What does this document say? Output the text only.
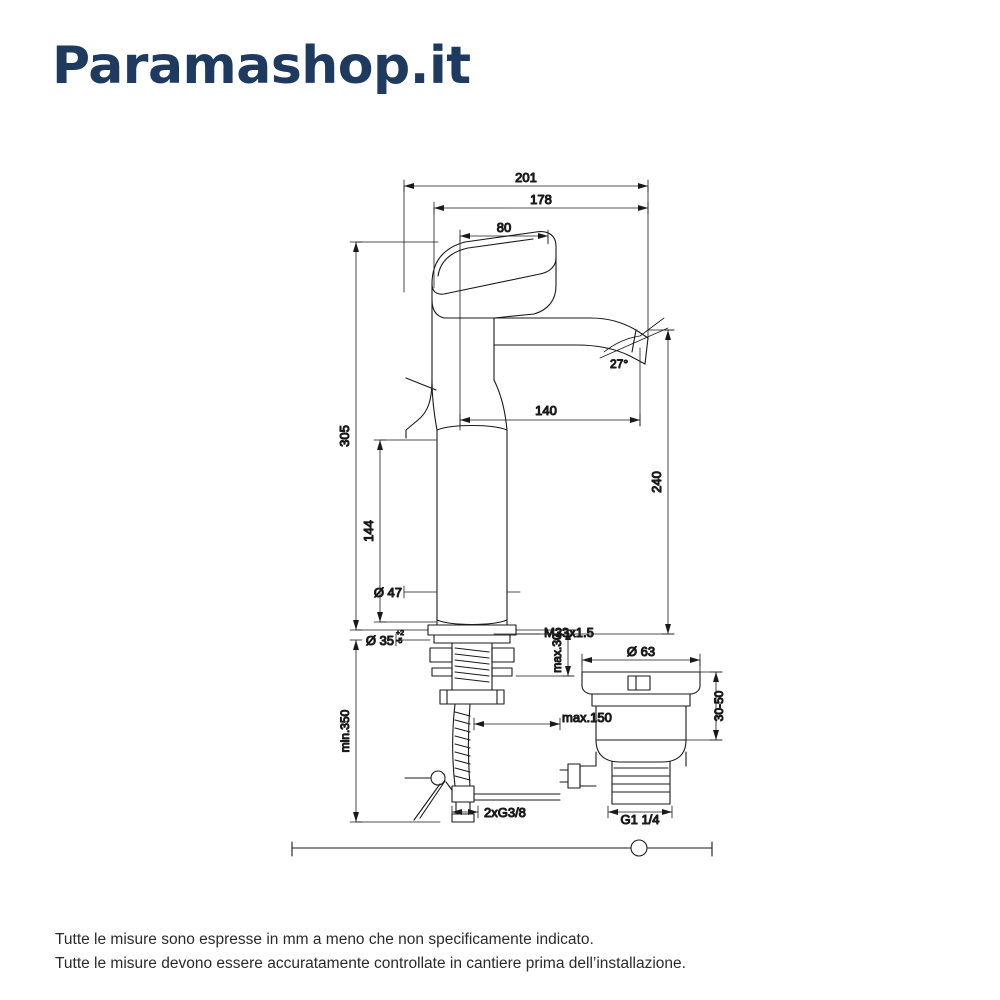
Paramashop.it
201
178
80
140
305
240
144
min.350
max.30
30-50
Ø 47
Ø 35 +2
-5
M33x1.5
max.150
2xG3/8
Ø 63
G1 1/4
27°
Tutte le misure sono espresse in mm a meno che non specificamente indicato.
Tutte le misure devono essere accuratamente controllate in cantiere prima dell’installazione.
